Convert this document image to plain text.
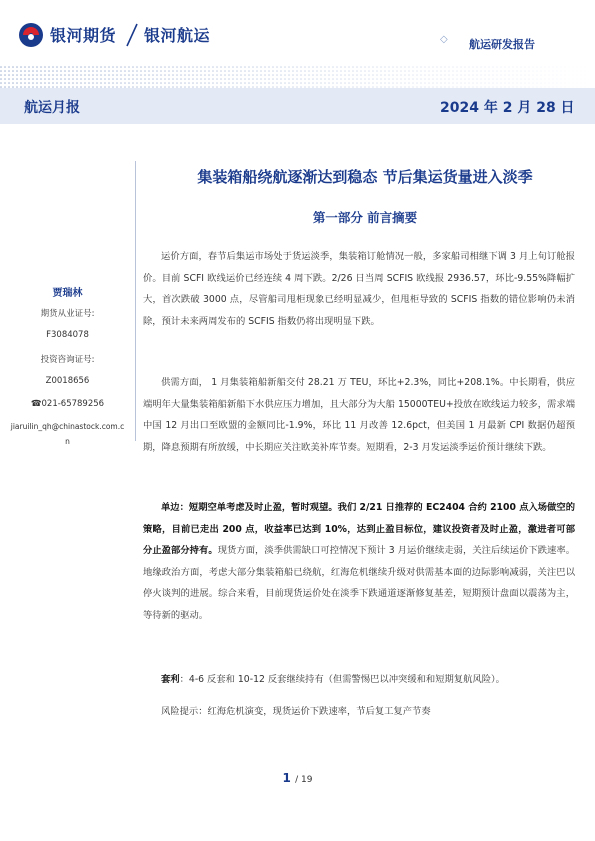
银河期货 银河航运	◇ 航运研发报告
航运月报	2024 年 2 月 28 日
贾瑞林
期货从业证号:
F3084078
投资咨询证号:
Z0018656
☎021-65789256
jiaruilin_qh@chinastock.com.c
n
集装箱船绕航逐渐达到稳态 节后集运货量进入淡季
第一部分 前言摘要
运价方面，春节后集运市场处于货运淡季，集装箱订舱情况一般，多家船司相继下调 3 月上旬订舱报价。目前 SCFI 欧线运价已经连续 4 周下跌。2/26 日当周 SCFIS 欧线报 2936.57，环比-9.55%降幅扩大，首次跌破 3000 点，尽管船司甩柜现象已经明显减少，但甩柜导致的 SCFIS 指数的错位影响仍未消除，预计未来两周发布的 SCFIS 指数仍将出现明显下跌。
供需方面， 1 月集装箱船新船交付 28.21 万 TEU，环比+2.3%，同比+208.1%。中长期看，供应端明年大量集装箱船新船下水供应压力增加，且大部分为大船 15000TEU+投放在欧线运力较多，需求端中国 12 月出口至欧盟的金额同比-1.9%，环比 11 月改善 12.6pct，但美国 1 月最新 CPI 数据仍超预期，降息预期有所放缓，中长期应关注欧美补库节奏。短期看，2-3 月发运淡季运价预计继续下跌。
单边：短期空单考虑及时止盈，暂时观望。我们 2/21 日推荐的 EC2404 合约 2100 点入场做空的策略，目前已走出 200 点，收益率已达到 10%，达到止盈目标位，建议投资者及时止盈，激进者可部分止盈部分持有。现货方面，淡季供需缺口可控情况下预计 3 月运价继续走弱，关注后续运价下跌速率。地缘政治方面，考虑大部分集装箱船已绕航，红海危机继续升级对供需基本面的边际影响减弱，关注巴以停火谈判的进展。综合来看，目前现货运价处在淡季下跌通道逐渐修复基差，短期预计盘面以震荡为主，等待新的驱动。
套利：4-6 反套和 10-12 反套继续持有（但需警惕巴以冲突缓和和短期复航风险）。
风险提示：红海危机演变，现货运价下跌速率，节后复工复产节奏
1 / 19
